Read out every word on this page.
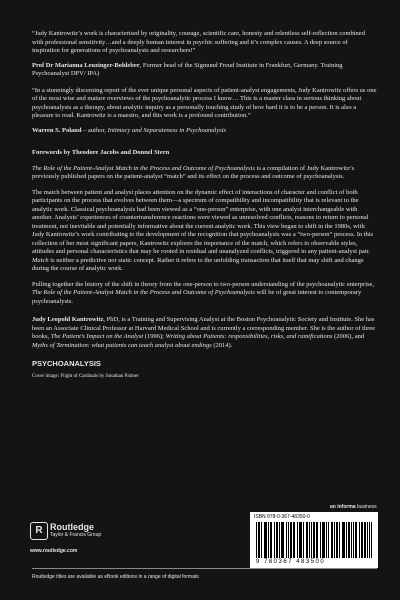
“Judy Kantrowitz’s work is characterised by originality, courage, scientific care, honesty and relentless self-reflection combined with professional sensitivity…and a deeply human interest in psychic suffering and it’s complex causes. A deep source of inspiration for generations of psychoanalysts and researchers!”

Prof Dr Marianna Leuzinger-Bohleber, Former head of the Sigmund Freud Institute in Frankfurt, Germany. Training Psychoanalyst DPV/ IPA)

“In a stunningly discerning report of the ever unique personal aspects of patient-analyst engagements, Judy Kantrowitz offers us one of the most wise and mature overviews of the psychoanalytic process I know… This is a master class in serious thinking about psychoanalysis as a therapy, about analytic inquiry as a personally touching study of how hard it is to be a person. It is also a pleasure to read. Kantrowitz is a maestro, and this work is a profound contribution.”

Warren S. Poland – author, Intimacy and Separateness in Psychoanalysis

Forewords by Theodore Jacobs and Donnel Stern

The Role of the Patient-Analyst Match in the Process and Outcome of Psychoanalysis is a compilation of Judy Kantrowitz’s previously published papers on the patient-analyst “match” and its effect on the process and outcome of psychoanalysis.

The match between patient and analyst places attention on the dynamic effect of interactions of character and conflict of both participants on the process that evolves between them—a spectrum of compatibility and incompatibility that is relevant to the analytic work. Classical psychoanalysis had been viewed as a “one-person” enterprise, with one analyst interchangeable with another. Analysts’ experiences of countertransference reactions were viewed as unresolved conflicts, reasons to return to personal treatment, not inevitable and potentially informative about the current analytic work. This view began to shift in the 1980s, with Judy Kantrowitz’s work contributing to the development of the recognition that psychoanalysis was a “two-person” process. In this collection of her most significant papers, Kantrowitz explores the importance of the match, which refers to observable styles, attitudes and personal characteristics that may be rooted in residual and unanalyzed conflicts, triggered in any patient-analyst pair. Match is neither a predictive nor static concept. Rather it refers to the unfolding transaction that itself that may shift and change during the course of analytic work.

Pulling together the history of the shift in theory from the one-person to two-person understanding of the psychoanalytic enterprise, The Role of the Patient-Analyst Match in the Process and Outcome of Psychoanalysis will be of great interest to contemporary psychoanalysts.

Judy Leopold Kantrowitz, PhD, is a Training and Supervising Analyst at the Boston Psychoanalytic Society and Institute. She has been an Associate Clinical Professor at Harvard Medical School and is currently a corresponding member. She is the author of three books, The Patient’s Impact on the Analyst (1996); Writing about Patients: responsibilities, risks, and ramifications (2006), and Myths of Termination: what patients can teach analyst about endings (2014).

PSYCHOANALYSIS

Cover image: Flight of Cardinals by Jonathan Palmer

R Routledge
Taylor & Francis Group
www.routledge.com
an informa business
ISBN 978-0-367-48350-0
9 780367 483500
Routledge titles are available as eBook editions in a range of digital formats
